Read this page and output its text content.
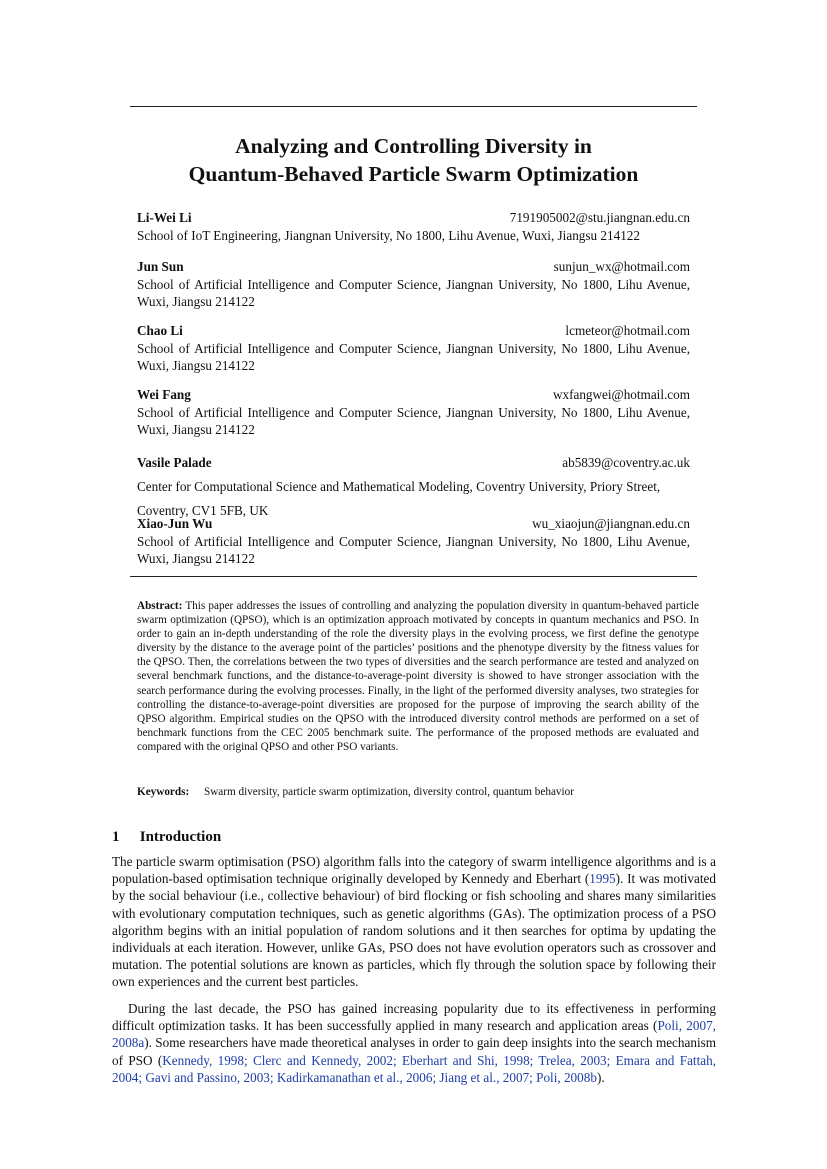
Analyzing and Controlling Diversity in
Quantum-Behaved Particle Swarm Optimization
Li-Wei Li	7191905002@stu.jiangnan.edu.cn
School of IoT Engineering, Jiangnan University, No 1800, Lihu Avenue, Wuxi, Jiangsu 214122
Jun Sun	sunjun_wx@hotmail.com
School of Artificial Intelligence and Computer Science, Jiangnan University, No 1800, Lihu Avenue, Wuxi, Jiangsu 214122
Chao Li	lcmeteor@hotmail.com
School of Artificial Intelligence and Computer Science, Jiangnan University, No 1800, Lihu Avenue, Wuxi, Jiangsu 214122
Wei Fang	wxfangwei@hotmail.com
School of Artificial Intelligence and Computer Science, Jiangnan University, No 1800, Lihu Avenue, Wuxi, Jiangsu 214122
Vasile Palade	ab5839@coventry.ac.uk
Center for Computational Science and Mathematical Modeling, Coventry University, Priory Street,
Coventry, CV1 5FB, UK
Xiao-Jun Wu	wu_xiaojun@jiangnan.edu.cn
School of Artificial Intelligence and Computer Science, Jiangnan University, No 1800, Lihu Avenue, Wuxi, Jiangsu 214122
Abstract: This paper addresses the issues of controlling and analyzing the population diversity in quantum-behaved particle swarm optimization (QPSO), which is an optimization approach motivated by concepts in quantum mechanics and PSO. In order to gain an in-depth understanding of the role the diversity plays in the evolving process, we first define the genotype diversity by the distance to the average point of the particles’ positions and the phenotype diversity by the fitness values for the QPSO. Then, the correlations between the two types of diversities and the search performance are tested and analyzed on several benchmark functions, and the distance-to-average-point diversity is showed to have stronger association with the search performance during the evolving processes. Finally, in the light of the performed diversity analyses, two strategies for controlling the distance-to-average-point diversities are proposed for the purpose of improving the search ability of the QPSO algorithm. Empirical studies on the QPSO with the introduced diversity control methods are performed on a set of benchmark functions from the CEC 2005 benchmark suite. The performance of the proposed methods are evaluated and compared with the original QPSO and other PSO variants.
Keywords: Swarm diversity, particle swarm optimization, diversity control, quantum behavior
1 Introduction
The particle swarm optimisation (PSO) algorithm falls into the category of swarm intelligence algorithms and is a population-based optimisation technique originally developed by Kennedy and Eberhart (1995). It was motivated by the social behaviour (i.e., collective behaviour) of bird flocking or fish schooling and shares many similarities with evolutionary computation techniques, such as genetic algorithms (GAs). The optimization process of a PSO algorithm begins with an initial population of random solutions and it then searches for optima by updating the individuals at each iteration. However, unlike GAs, PSO does not have evolution operators such as crossover and mutation. The potential solutions are known as particles, which fly through the solution space by following their own experiences and the current best particles.
During the last decade, the PSO has gained increasing popularity due to its effectiveness in performing difficult optimization tasks. It has been successfully applied in many research and application areas (Poli, 2007, 2008a). Some researchers have made theoretical analyses in order to gain deep insights into the search mechanism of PSO (Kennedy, 1998; Clerc and Kennedy, 2002; Eberhart and Shi, 1998; Trelea, 2003; Emara and Fattah, 2004; Gavi and Passino, 2003; Kadirkamanathan et al., 2006; Jiang et al., 2007; Poli, 2008b).
